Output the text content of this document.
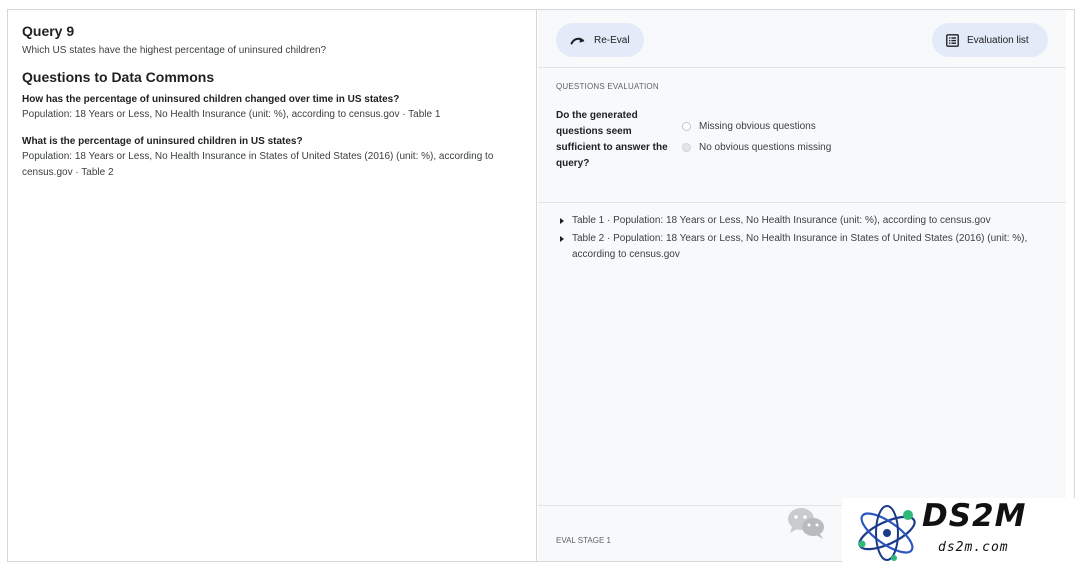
Query 9
Which US states have the highest percentage of uninsured children?
Questions to Data Commons
How has the percentage of uninsured children changed over time in US states?
Population: 18 Years or Less, No Health Insurance (unit: %), according to census.gov · Table 1
What is the percentage of uninsured children in US states?
Population: 18 Years or Less, No Health Insurance in States of United States (2016) (unit: %), according to
census.gov · Table 2
Re-Eval	Evaluation list
QUESTIONS EVALUATION
Do the generated
questions seem
sufficient to answer the
query?
Missing obvious questions
No obvious questions missing
Table 1 · Population: 18 Years or Less, No Health Insurance (unit: %), according to census.gov
Table 2 · Population: 18 Years or Less, No Health Insurance in States of United States (2016) (unit: %),
according to census.gov
EVAL STAGE 1
DS2M
ds2m.com
